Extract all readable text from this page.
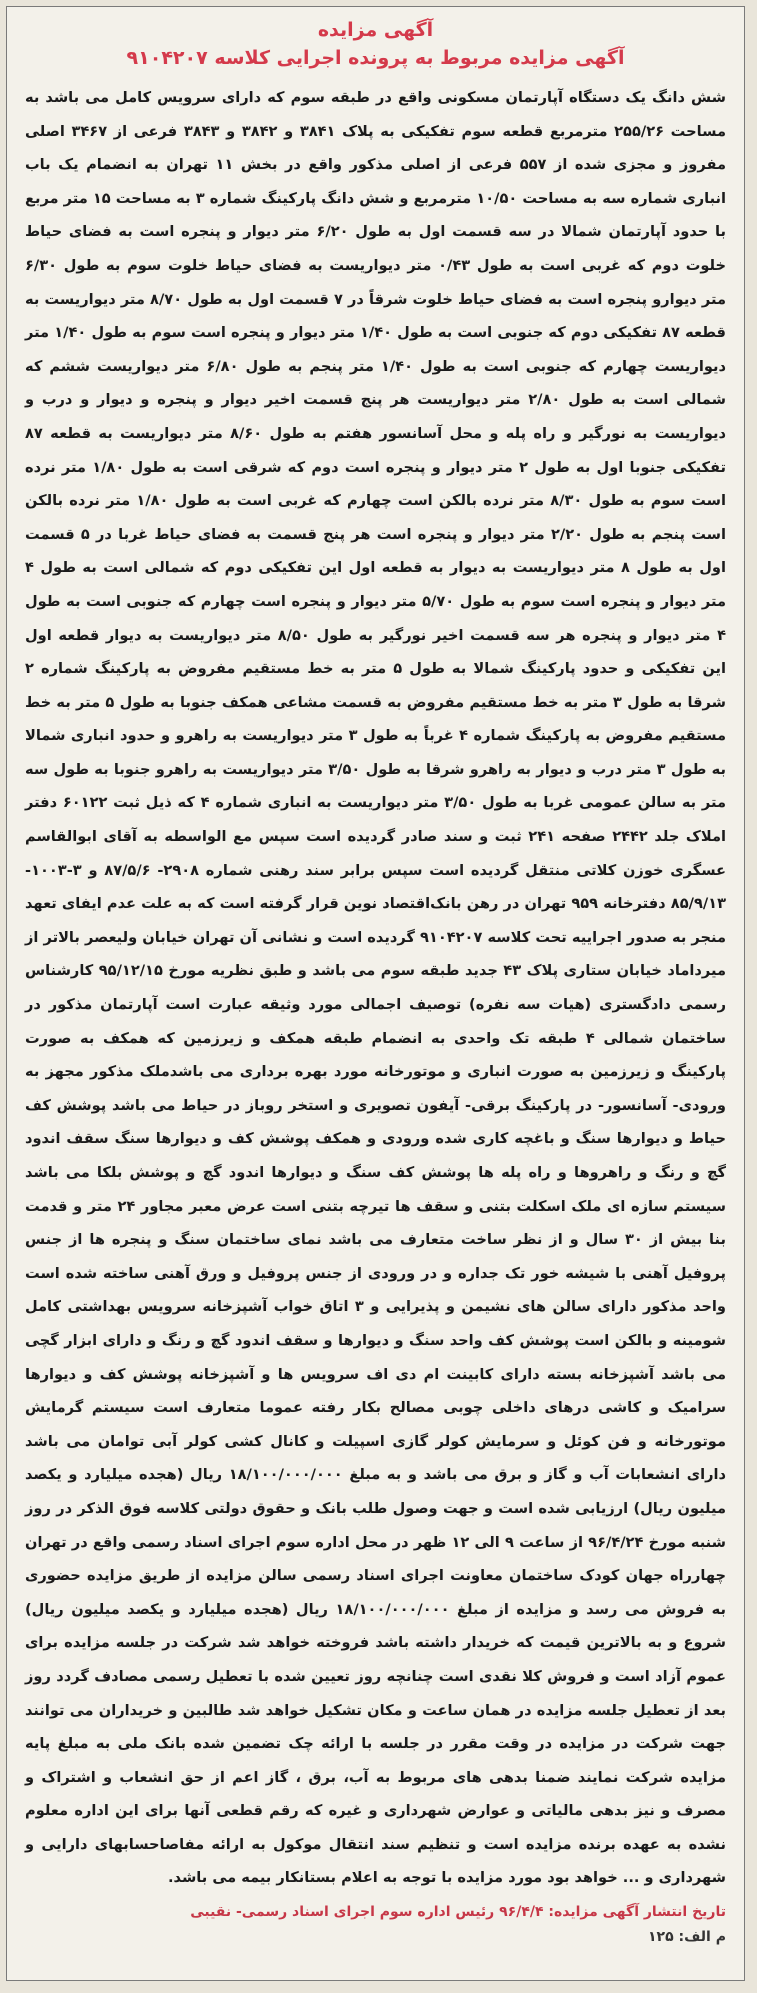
آگهی مزایده
آگهی مزایده مربوط به پرونده اجرایی کلاسه ۹۱۰۴۲۰۷

شش دانگ یک دستگاه آپارتمان مسکونی واقع در طبقه سوم که دارای سرویس کامل می باشد به مساحت ۲۵۵/۲۶ مترمربع قطعه سوم تفکیکی به پلاک ۳۸۴۱ و ۳۸۴۲ و ۳۸۴۳ فرعی از ۳۴۶۷ اصلی مفروز و مجزی شده از ۵۵۷ فرعی از اصلی مذکور واقع در بخش ۱۱ تهران به انضمام یک باب انباری شماره سه به مساحت ۱۰/۵۰ مترمربع و شش دانگ پارکینگ شماره ۳ به مساحت ۱۵ متر مربع با حدود آپارتمان شمالا در سه قسمت اول به طول ۶/۲۰ متر دیوار و پنجره است به فضای حیاط خلوت دوم که غربی است به طول ۰/۴۳ متر دیواریست به فضای حیاط خلوت سوم به طول ۶/۳۰ متر دیوارو پنجره است به فضای حیاط خلوت شرقاً در ۷ قسمت اول به طول ۸/۷۰ متر دیواریست به قطعه ۸۷ تفکیکی دوم که جنوبی است به طول ۱/۴۰ متر دیوار و پنجره است سوم به طول ۱/۴۰ متر دیواریست چهارم که جنوبی است به طول ۱/۴۰ متر پنجم به طول ۶/۸۰ متر دیواریست ششم که شمالی است به طول ۲/۸۰ متر دیواریست هر پنج قسمت اخیر دیوار و پنجره و دیوار و درب و دیواریست به نورگیر و راه پله و محل آسانسور هفتم به طول ۸/۶۰ متر دیواریست به قطعه ۸۷ تفکیکی جنوبا اول به طول ۲ متر دیوار و پنجره است دوم که شرقی است به طول ۱/۸۰ متر نرده است سوم به طول ۸/۳۰ متر نرده بالکن است چهارم که غربی است به طول ۱/۸۰ متر نرده بالکن است پنجم به طول ۲/۲۰ متر دیوار و پنجره است هر پنج قسمت به فضای حیاط غربا در ۵ قسمت اول به طول ۸ متر دیواریست به دیوار به قطعه اول این تفکیکی دوم که شمالی است به طول ۴ متر دیوار و پنجره است سوم به طول ۵/۷۰ متر دیوار و پنجره است چهارم که جنوبی است به طول ۴ متر دیوار و پنجره هر سه قسمت اخیر نورگیر به طول ۸/۵۰ متر دیواریست به دیوار قطعه اول این تفکیکی و حدود پارکینگ شمالا به طول ۵ متر به خط مستقیم مفروض به پارکینگ شماره ۲ شرقا به طول ۳ متر به خط مستقیم مفروض به قسمت مشاعی همکف جنوبا به طول ۵ متر به خط مستقیم مفروض به پارکینگ شماره ۴ غرباً به طول ۳ متر دیواریست به راهرو و حدود انباری شمالا به طول ۳ متر درب و دیوار به راهرو شرقا به طول ۳/۵۰ متر دیواریست به راهرو جنوبا به طول سه متر به سالن عمومی غربا به طول ۳/۵۰ متر دیواریست به انباری شماره ۴ که ذیل ثبت ۶۰۱۲۲ دفتر املاک جلد ۲۴۴۲ صفحه ۲۴۱ ثبت و سند صادر گردیده است سپس مع الواسطه به آقای ابوالقاسم عسگری خوزن کلاتی منتقل گردیده است سپس برابر سند رهنی شماره ۲۹۰۸- ۸۷/۵/۶ و ۳-۱۰۰۳- ۸۵/۹/۱۳ دفترخانه ۹۵۹ تهران در رهن بانک‌اقتصاد نوین قرار گرفته است که به علت عدم ایفای تعهد منجر به صدور اجراییه تحت کلاسه ۹۱۰۴۲۰۷ گردیده است و نشانی آن تهران خیابان ولیعصر بالاتر از میرداماد خیابان ستاری پلاک ۴۳ جدید طبقه سوم می باشد و طبق نظریه مورخ ۹۵/۱۲/۱۵ کارشناس رسمی دادگستری (هیات سه نفره) توصیف اجمالی مورد وثیقه عبارت است آپارتمان مذکور در ساختمان شمالی ۴ طبقه تک واحدی به انضمام طبقه همکف و زیرزمین که همکف به صورت پارکینگ و زیرزمین به صورت انباری و موتورخانه مورد بهره برداری می باشدملک مذکور مجهز به ورودی- آسانسور- در پارکینگ برقی- آیفون تصویری و استخر روباز در حیاط می باشد پوشش کف حیاط و دیوارها سنگ و باغچه کاری شده ورودی و همکف پوشش کف و دیوارها سنگ سقف اندود گچ و رنگ و راهروها و راه پله ها پوشش کف سنگ و دیوارها اندود گچ و پوشش بلکا می باشد سیستم سازه ای ملک اسکلت بتنی و سقف ها تیرچه بتنی است عرض معبر مجاور ۲۴ متر و قدمت بنا بیش از ۳۰ سال و از نظر ساخت متعارف می باشد نمای ساختمان سنگ و پنجره ها از جنس پروفیل آهنی با شیشه خور تک جداره و در ورودی از جنس پروفیل و ورق آهنی ساخته شده است واحد مذکور دارای سالن های نشیمن و پذیرایی و ۳ اتاق خواب آشپزخانه سرویس بهداشتی کامل شومینه و بالکن است پوشش کف واحد سنگ و دیوارها و سقف اندود گچ و رنگ و دارای ابزار گچی می باشد آشپزخانه بسته دارای کابینت ام دی اف سرویس ها و آشپزخانه پوشش کف و دیوارها سرامیک و کاشی درهای داخلی چوبی مصالح بکار رفته عموما متعارف است سیستم گرمایش موتورخانه و فن کوئل و سرمایش کولر گازی اسپیلت و کانال کشی کولر آبی توامان می باشد دارای انشعابات آب و گاز و برق می باشد و به مبلغ ۱۸/۱۰۰/۰۰۰/۰۰۰ ریال (هجده میلیارد و یکصد میلیون ریال) ارزیابی شده است و جهت وصول طلب بانک و حقوق دولتی کلاسه فوق الذکر در روز شنبه مورخ ۹۶/۴/۲۴ از ساعت ۹ الی ۱۲ ظهر در محل اداره سوم اجرای اسناد رسمی واقع در تهران چهارراه جهان کودک ساختمان معاونت اجرای اسناد رسمی سالن مزایده از طریق مزایده حضوری به فروش می رسد و مزایده از مبلغ ۱۸/۱۰۰/۰۰۰/۰۰۰ ریال (هجده میلیارد و یکصد میلیون ریال) شروع و به بالاترین قیمت که خریدار داشته باشد فروخته خواهد شد شرکت در جلسه مزایده برای عموم آزاد است و فروش کلا نقدی است چنانچه روز تعیین شده با تعطیل رسمی مصادف گردد روز بعد از تعطیل جلسه مزایده در همان ساعت و مکان تشکیل خواهد شد طالبین و خریداران می توانند جهت شرکت در مزایده در وقت مقرر در جلسه با ارائه چک تضمین شده بانک ملی به مبلغ پایه مزایده شرکت نمایند ضمنا بدهی های مربوط به آب، برق ، گاز اعم از حق انشعاب و اشتراک و مصرف و نیز بدهی مالیاتی و عوارض شهرداری و غیره که رقم قطعی آنها برای این اداره معلوم نشده به عهده برنده مزایده است و تنظیم سند انتقال موکول به ارائه مفاصاحسابهای دارایی و شهرداری و ... خواهد بود مورد مزایده با توجه به اعلام بستانکار بیمه می باشد.

تاریخ انتشار آگهی مزایده: ۹۶/۴/۴ رئیس اداره سوم اجرای اسناد رسمی- نقیبی
م الف: ۱۲۵
